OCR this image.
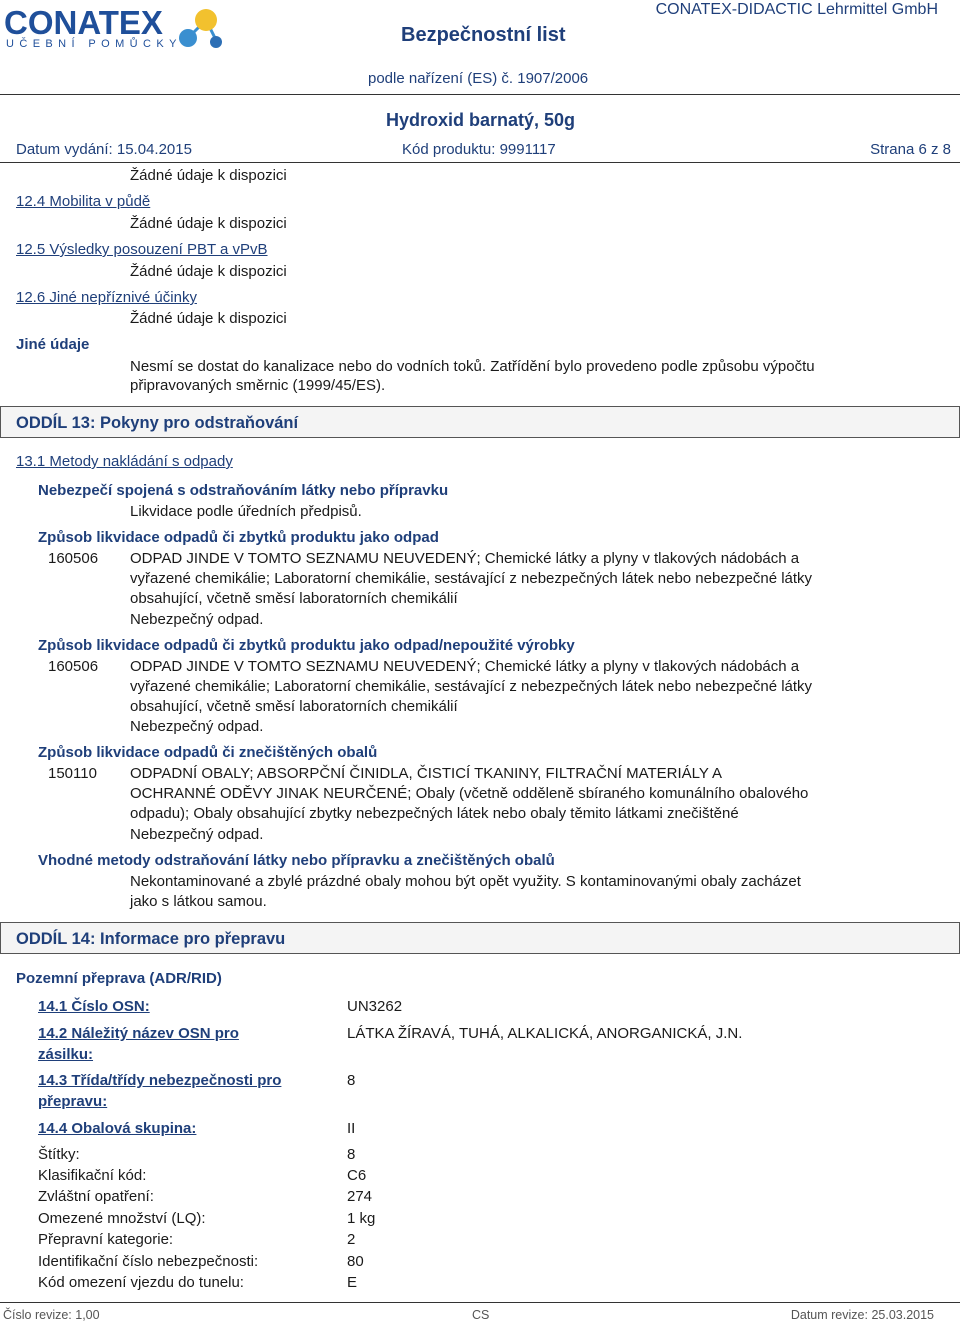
CONATEX
UČEBNÍ POMŮCKY	Bezpečnostní list
CONATEX-DIDACTIC Lehrmittel GmbH
podle nařízení (ES) č. 1907/2006
Hydroxid barnatý, 50g
Datum vydání: 15.04.2015	Kód produktu: 9991117	Strana 6 z 8
Žádné údaje k dispozici
12.4 Mobilita v půdě
Žádné údaje k dispozici
12.5 Výsledky posouzení PBT a vPvB
Žádné údaje k dispozici
12.6 Jiné nepříznivé účinky
Žádné údaje k dispozici
Jiné údaje
Nesmí se dostat do kanalizace nebo do vodních toků. Zatřídění bylo provedeno podle způsobu výpočtu
připravovaných směrnic (1999/45/ES).
ODDÍL 13: Pokyny pro odstraňování
13.1 Metody nakládání s odpady
Nebezpečí spojená s odstraňováním látky nebo přípravku
Likvidace podle úředních předpisů.
Způsob likvidace odpadů či zbytků produktu jako odpad
160506 ODPAD JINDE V TOMTO SEZNAMU NEUVEDENÝ; Chemické látky a plyny v tlakových nádobách a
vyřazené chemikálie; Laboratorní chemikálie, sestávající z nebezpečných látek nebo nebezpečné látky
obsahující, včetně směsí laboratorních chemikálií
Nebezpečný odpad.
Způsob likvidace odpadů či zbytků produktu jako odpad/nepoužité výrobky
160506 ODPAD JINDE V TOMTO SEZNAMU NEUVEDENÝ; Chemické látky a plyny v tlakových nádobách a
vyřazené chemikálie; Laboratorní chemikálie, sestávající z nebezpečných látek nebo nebezpečné látky
obsahující, včetně směsí laboratorních chemikálií
Nebezpečný odpad.
Způsob likvidace odpadů či znečištěných obalů
150110 ODPADNÍ OBALY; ABSORPČNÍ ČINIDLA, ČISTICÍ TKANINY, FILTRAČNÍ MATERIÁLY A
OCHRANNÉ ODĚVY JINAK NEURČENÉ; Obaly (včetně odděleně sbíraného komunálního obalového
odpadu); Obaly obsahující zbytky nebezpečných látek nebo obaly těmito látkami znečištěné
Nebezpečný odpad.
Vhodné metody odstraňování látky nebo přípravku a znečištěných obalů
Nekontaminované a zbylé prázdné obaly mohou být opět využity. S kontaminovanými obaly zacházet
jako s látkou samou.
ODDÍL 14: Informace pro přepravu
Pozemní přeprava (ADR/RID)
14.1 Číslo OSN:	UN3262
14.2 Náležitý název OSN pro
zásilku:
LÁTKA ŽÍRAVÁ, TUHÁ, ALKALICKÁ, ANORGANICKÁ, J.N.
14.3 Třída/třídy nebezpečnosti pro
přepravu:
8
14.4 Obalová skupina:	II
Štítky:	8
Klasifikační kód:	C6
Zvláštní opatření:	274
Omezené množství (LQ):	1 kg
Přepravní kategorie:	2
Identifikační číslo nebezpečnosti:	80
Kód omezení vjezdu do tunelu:	E
Číslo revize: 1,00	CS	Datum revize: 25.03.2015
